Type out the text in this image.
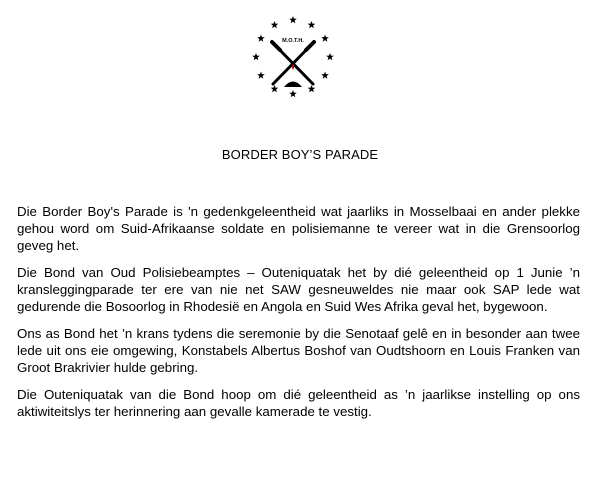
M.O.T.H.
BORDER BOY’S PARADE

Die Border Boy's Parade is 'n gedenkgeleentheid wat jaarliks in Mosselbaai en ander plekke gehou word om Suid-Afrikaanse soldate en polisiemanne te vereer wat in die Grensoorlog geveg het.

Die Bond van Oud Polisiebeamptes – Outeniquatak het by dié geleentheid op 1 Junie ’n kransleggingparade ter ere van nie net SAW gesneuweldes nie maar ook SAP lede wat gedurende die Bosoorlog in Rhodesië en Angola en Suid Wes Afrika geval het, bygewoon.

Ons as Bond het ’n krans tydens die seremonie by die Senotaaf gelê en in besonder aan twee lede uit ons eie omgewing, Konstabels Albertus Boshof van Oudtshoorn en Louis Franken van Groot Brakrivier hulde gebring.

Die Outeniquatak van die Bond hoop om dié geleentheid as ’n jaarlikse instelling op ons aktiwiteitslys ter herinnering aan gevalle kamerade te vestig.
